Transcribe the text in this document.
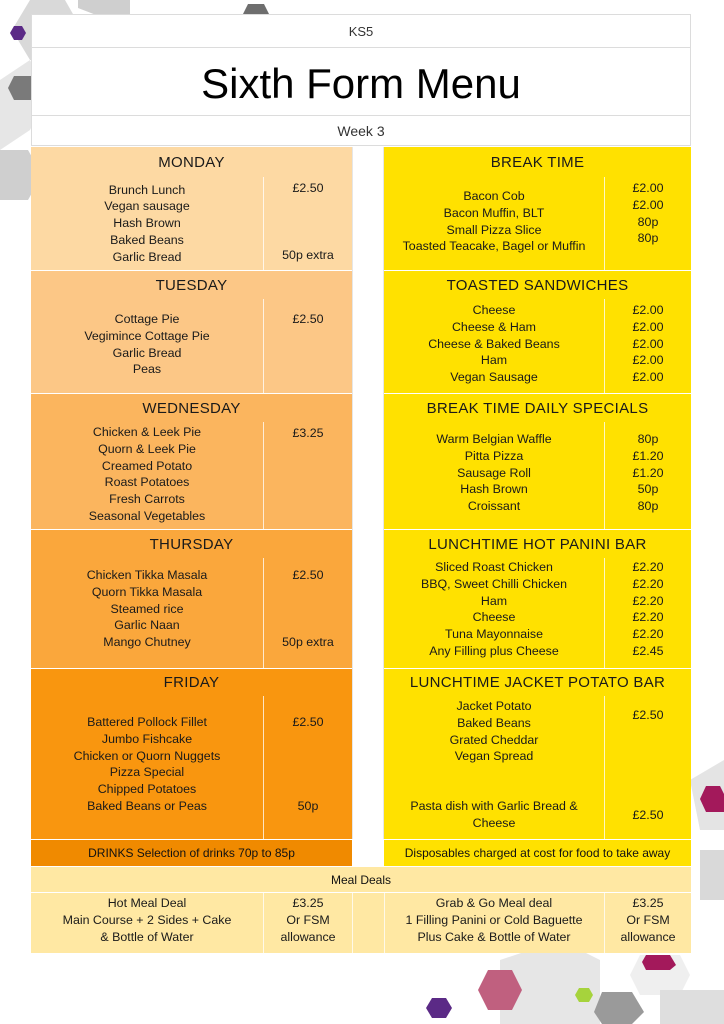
KS5
Sixth Form Menu
Week 3
MONDAY
Brunch Lunch
Vegan sausage
Hash Brown
Baked Beans
Garlic Bread
£2.50
50p extra
TUESDAY
Cottage Pie
Vegimince Cottage Pie
Garlic Bread
Peas
£2.50
WEDNESDAY
Chicken & Leek Pie
Quorn & Leek Pie
Creamed Potato
Roast Potatoes
Fresh Carrots
Seasonal Vegetables
£3.25
THURSDAY
Chicken Tikka Masala
Quorn Tikka Masala
Steamed rice
Garlic Naan
Mango Chutney
£2.50
50p extra
FRIDAY
Battered Pollock Fillet
Jumbo Fishcake
Chicken or Quorn Nuggets
Pizza Special
Chipped Potatoes
Baked Beans or Peas
£2.50
50p
BREAK TIME
Bacon Cob
Bacon Muffin, BLT
Small Pizza Slice
Toasted Teacake, Bagel or Muffin
£2.00
£2.00
80p
80p
TOASTED SANDWICHES
Cheese
Cheese & Ham
Cheese & Baked Beans
Ham
Vegan Sausage
£2.00
£2.00
£2.00
£2.00
£2.00
BREAK TIME DAILY SPECIALS
Warm Belgian Waffle
Pitta Pizza
Sausage Roll
Hash Brown
Croissant
80p
£1.20
£1.20
50p
80p
LUNCHTIME HOT PANINI BAR
Sliced Roast Chicken
BBQ, Sweet Chilli Chicken
Ham
Cheese
Tuna Mayonnaise
Any Filling plus Cheese
£2.20
£2.20
£2.20
£2.20
£2.20
£2.45
LUNCHTIME JACKET POTATO BAR
Jacket Potato
Baked Beans
Grated Cheddar
Vegan Spread
Pasta dish with Garlic Bread & Cheese
£2.50
£2.50
DRINKS Selection of drinks 70p to 85p	Disposables charged at cost for food to take away
Meal Deals
Hot Meal Deal
Main Course + 2 Sides + Cake
& Bottle of Water
£3.25
Or FSM
allowance
Grab & Go Meal deal
1 Filling Panini or Cold Baguette
Plus Cake & Bottle of Water
£3.25
Or FSM
allowance
